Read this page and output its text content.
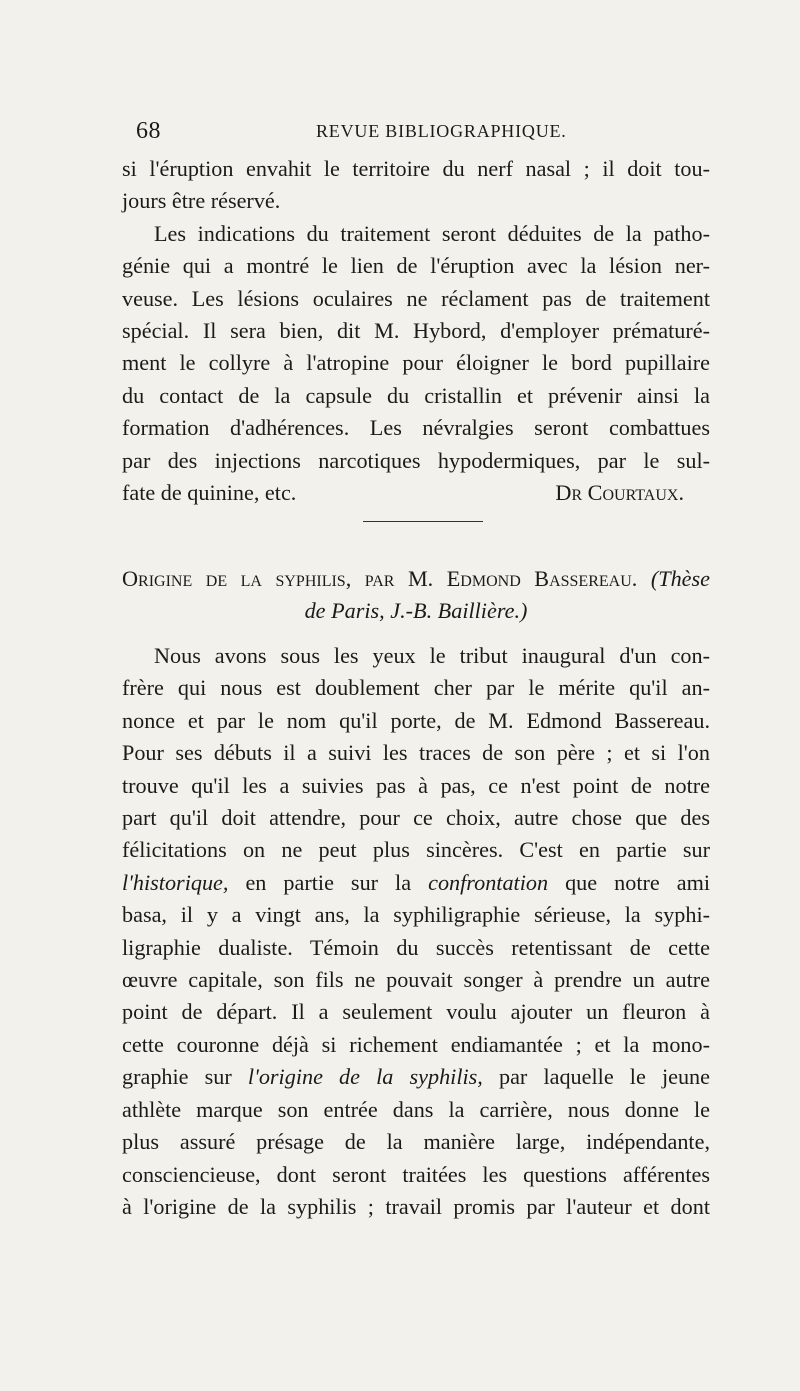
68	REVUE BIBLIOGRAPHIQUE.
si l'éruption envahit le territoire du nerf nasal ; il doit tou-
jours être réservé.
Les indications du traitement seront déduites de la patho-
génie qui a montré le lien de l'éruption avec la lésion ner-
veuse. Les lésions oculaires ne réclament pas de traitement
spécial. Il sera bien, dit M. Hybord, d'employer prématuré-
ment le collyre à l'atropine pour éloigner le bord pupillaire
du contact de la capsule du cristallin et prévenir ainsi la
formation d'adhérences. Les névralgies seront combattues
par des injections narcotiques hypodermiques, par le sul-
fate de quinine, etc.	Dr Courtaux.
Origine de la syphilis, par M. Edmond Bassereau. (Thèse
de Paris, J.-B. Baillière.)
Nous avons sous les yeux le tribut inaugural d'un con-
frère qui nous est doublement cher par le mérite qu'il an-
nonce et par le nom qu'il porte, de M. Edmond Bassereau.
Pour ses débuts il a suivi les traces de son père ; et si l'on
trouve qu'il les a suivies pas à pas, ce n'est point de notre
part qu'il doit attendre, pour ce choix, autre chose que des
félicitations on ne peut plus sincères. C'est en partie sur
l'historique, en partie sur la confrontation que notre ami
basa, il y a vingt ans, la syphiligraphie sérieuse, la syphi-
ligraphie dualiste. Témoin du succès retentissant de cette
œuvre capitale, son fils ne pouvait songer à prendre un autre
point de départ. Il a seulement voulu ajouter un fleuron à
cette couronne déjà si richement endiamantée ; et la mono-
graphie sur l'origine de la syphilis, par laquelle le jeune
athlète marque son entrée dans la carrière, nous donne le
plus assuré présage de la manière large, indépendante,
consciencieuse, dont seront traitées les questions afférentes
à l'origine de la syphilis ; travail promis par l'auteur et dont
